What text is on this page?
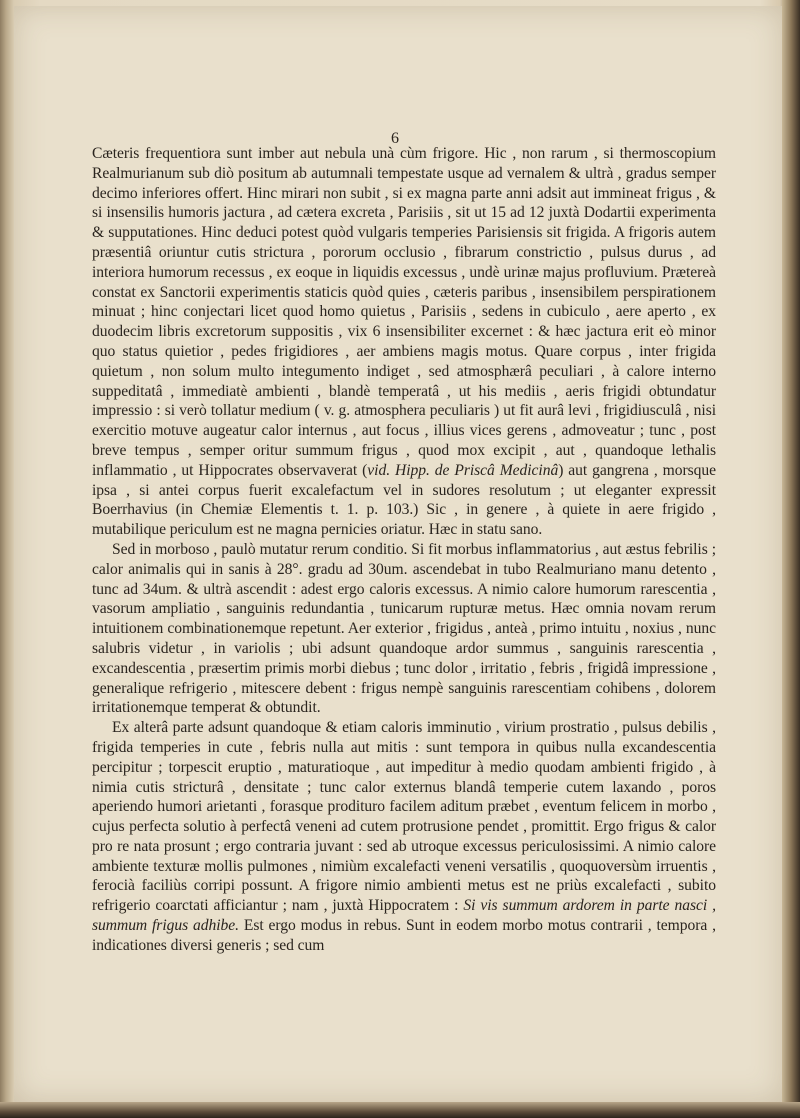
6

Cæteris frequentiora sunt imber aut nebula unà cùm frigore. Hic , non rarum , si thermoscopium Realmurianum sub diò positum ab autumnali tempestate usque ad vernalem & ultrà , gradus semper decimo inferiores offert. Hinc mirari non subit , si ex magna parte anni adsit aut immineat frigus , & si insensilis humoris jactura , ad cætera excreta , Parisiis , sit ut 15 ad 12 juxtà Dodartii experimenta & supputationes. Hinc deduci potest quòd vulgaris temperies Parisiensis sit frigida. A frigoris autem præsentiâ oriuntur cutis strictura , pororum occlusio , fibrarum constrictio , pulsus durus , ad interiora humorum recessus , ex eoque in liquidis excessus , undè urinæ majus profluvium. Prætereà constat ex Sanctorii experimentis staticis quòd quies , cæteris paribus , insensibilem perspirationem minuat ; hinc conjectari licet quod homo quietus , Parisiis , sedens in cubiculo , aere aperto , ex duodecim libris excretorum suppositis , vix 6 insensibiliter excernet : & hæc jactura erit eò minor quo status quietior , pedes frigidiores , aer ambiens magis motus. Quare corpus , inter frigida quietum , non solum multo integumento indiget , sed atmosphærâ peculiari , à calore interno suppeditatâ , immediatè ambienti , blandè temperatâ , ut his mediis , aeris frigidi obtundatur impressio : si verò tollatur medium ( v. g. atmosphera peculiaris ) ut fit aurâ levi , frigidiusculâ , nisi exercitio motuve augeatur calor internus , aut focus , illius vices gerens , admoveatur ; tunc , post breve tempus , semper oritur summum frigus , quod mox excipit , aut , quandoque lethalis inflammatio , ut Hippocrates observaverat (vid. Hipp. de Priscâ Medicinâ) aut gangrena , morsque ipsa , si antei corpus fuerit excalefactum vel in sudores resolutum ; ut eleganter expressit Boerrhavius (in Chemiæ Elementis t. 1. p. 103.) Sic , in genere , à quiete in aere frigido , mutabilique periculum est ne magna pernicies oriatur. Hæc in statu sano.

Sed in morboso , paulò mutatur rerum conditio. Si fit morbus inflammatorius , aut æstus febrilis ; calor animalis qui in sanis à 28°. gradu ad 30um. ascendebat in tubo Realmuriano manu detento , tunc ad 34um. & ultrà ascendit : adest ergo caloris excessus. A nimio calore humorum rarescentia , vasorum ampliatio , sanguinis redundantia , tunicarum rupturæ metus. Hæc omnia novam rerum intuitionem combinationemque repetunt. Aer exterior , frigidus , anteà , primo intuitu , noxius , nunc salubris videtur , in variolis ; ubi adsunt quandoque ardor summus , sanguinis rarescentia , excandescentia , præsertim primis morbi diebus ; tunc dolor , irritatio , febris , frigidâ impressione , generalique refrigerio , mitescere debent : frigus nempè sanguinis rarescentiam cohibens , dolorem irritationemque temperat & obtundit.

Ex alterâ parte adsunt quandoque & etiam caloris imminutio , virium prostratio , pulsus debilis , frigida temperies in cute , febris nulla aut mitis : sunt tempora in quibus nulla excandescentia percipitur ; torpescit eruptio , maturatioque , aut impeditur à medio quodam ambienti frigido , à nimia cutis stricturâ , densitate ; tunc calor externus blandâ temperie cutem laxando , poros aperiendo humori arietanti , forasque prodituro facilem aditum præbet , eventum felicem in morbo , cujus perfecta solutio à perfectâ veneni ad cutem protrusione pendet , promittit. Ergo frigus & calor pro re nata prosunt ; ergo contraria juvant : sed ab utroque excessus periculosissimi. A nimio calore ambiente texturæ mollis pulmones , nimiùm excalefacti veneni versatilis , quoquoversùm irruentis , ferocià faciliùs corripi possunt. A frigore nimio ambienti metus est ne priùs excalefacti , subito refrigerio coarctati afficiantur ; nam , juxtà Hippocratem : Si vis summum ardorem in parte nasci , summum frigus adhibe. Est ergo modus in rebus. Sunt in eodem morbo motus contrarii , tempora , indicationes diversi generis ; sed cum
